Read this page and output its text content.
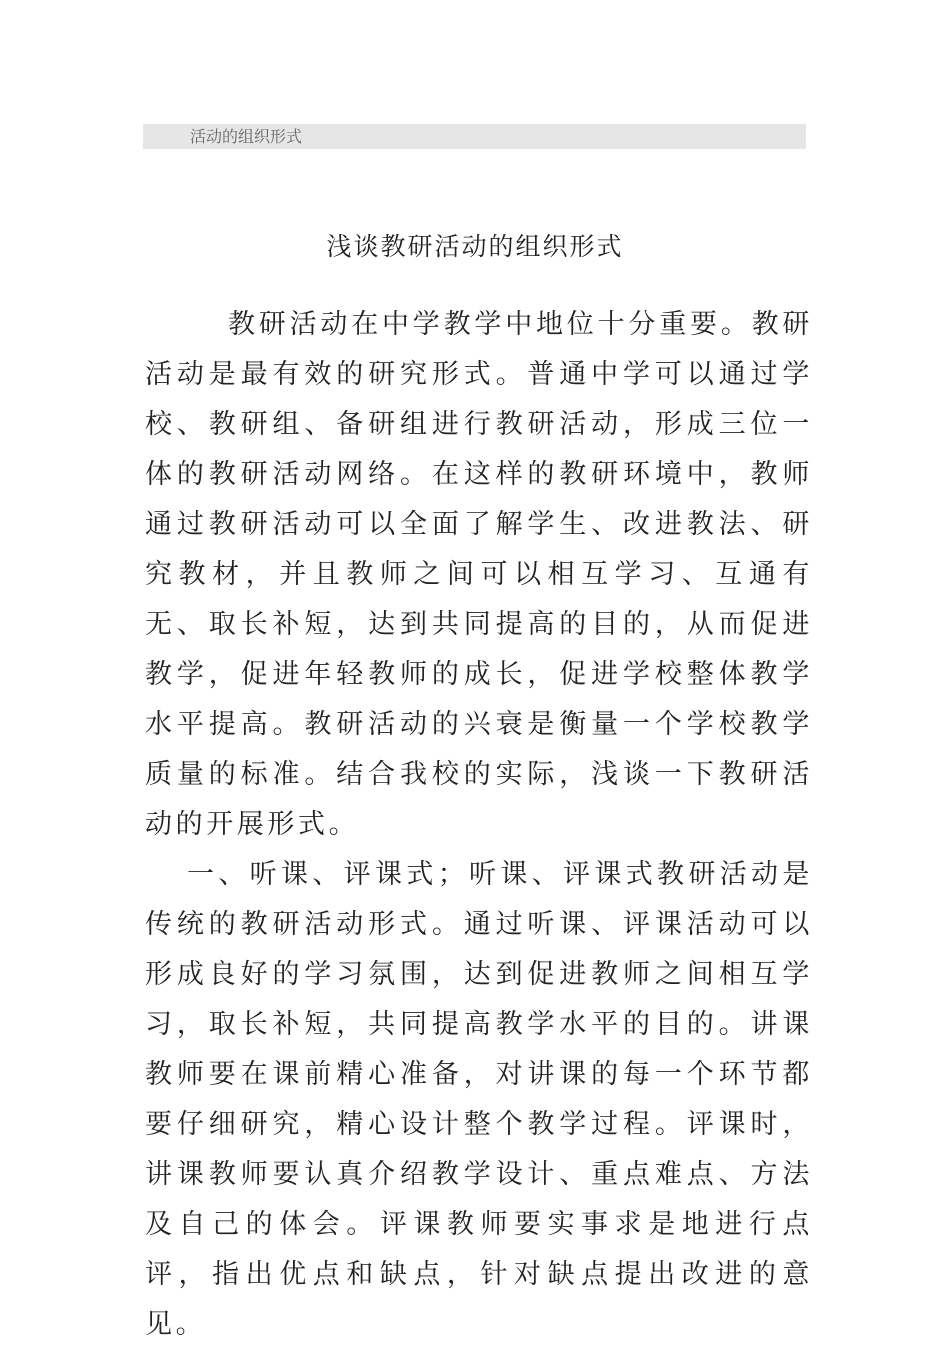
活动的组织形式
浅谈教研活动的组织形式

教研活动在中学教学中地位十分重要。教研活动是最有效的研究形式。普通中学可以通过学校、教研组、备研组进行教研活动，形成三位一体的教研活动网络。在这样的教研环境中，教师通过教研活动可以全面了解学生、改进教法、研究教材，并且教师之间可以相互学习、互通有无、取长补短，达到共同提高的目的，从而促进教学，促进年轻教师的成长，促进学校整体教学水平提高。教研活动的兴衰是衡量一个学校教学质量的标准。结合我校的实际，浅谈一下教研活动的开展形式。

一、听课、评课式；听课、评课式教研活动是传统的教研活动形式。通过听课、评课活动可以形成良好的学习氛围，达到促进教师之间相互学习，取长补短，共同提高教学水平的目的。讲课教师要在课前精心准备，对讲课的每一个环节都要仔细研究，精心设计整个教学过程。评课时，讲课教师要认真介绍教学设计、重点难点、方法及自己的体会。评课教师要实事求是地进行点评，指出优点和缺点，针对缺点提出改进的意见。
